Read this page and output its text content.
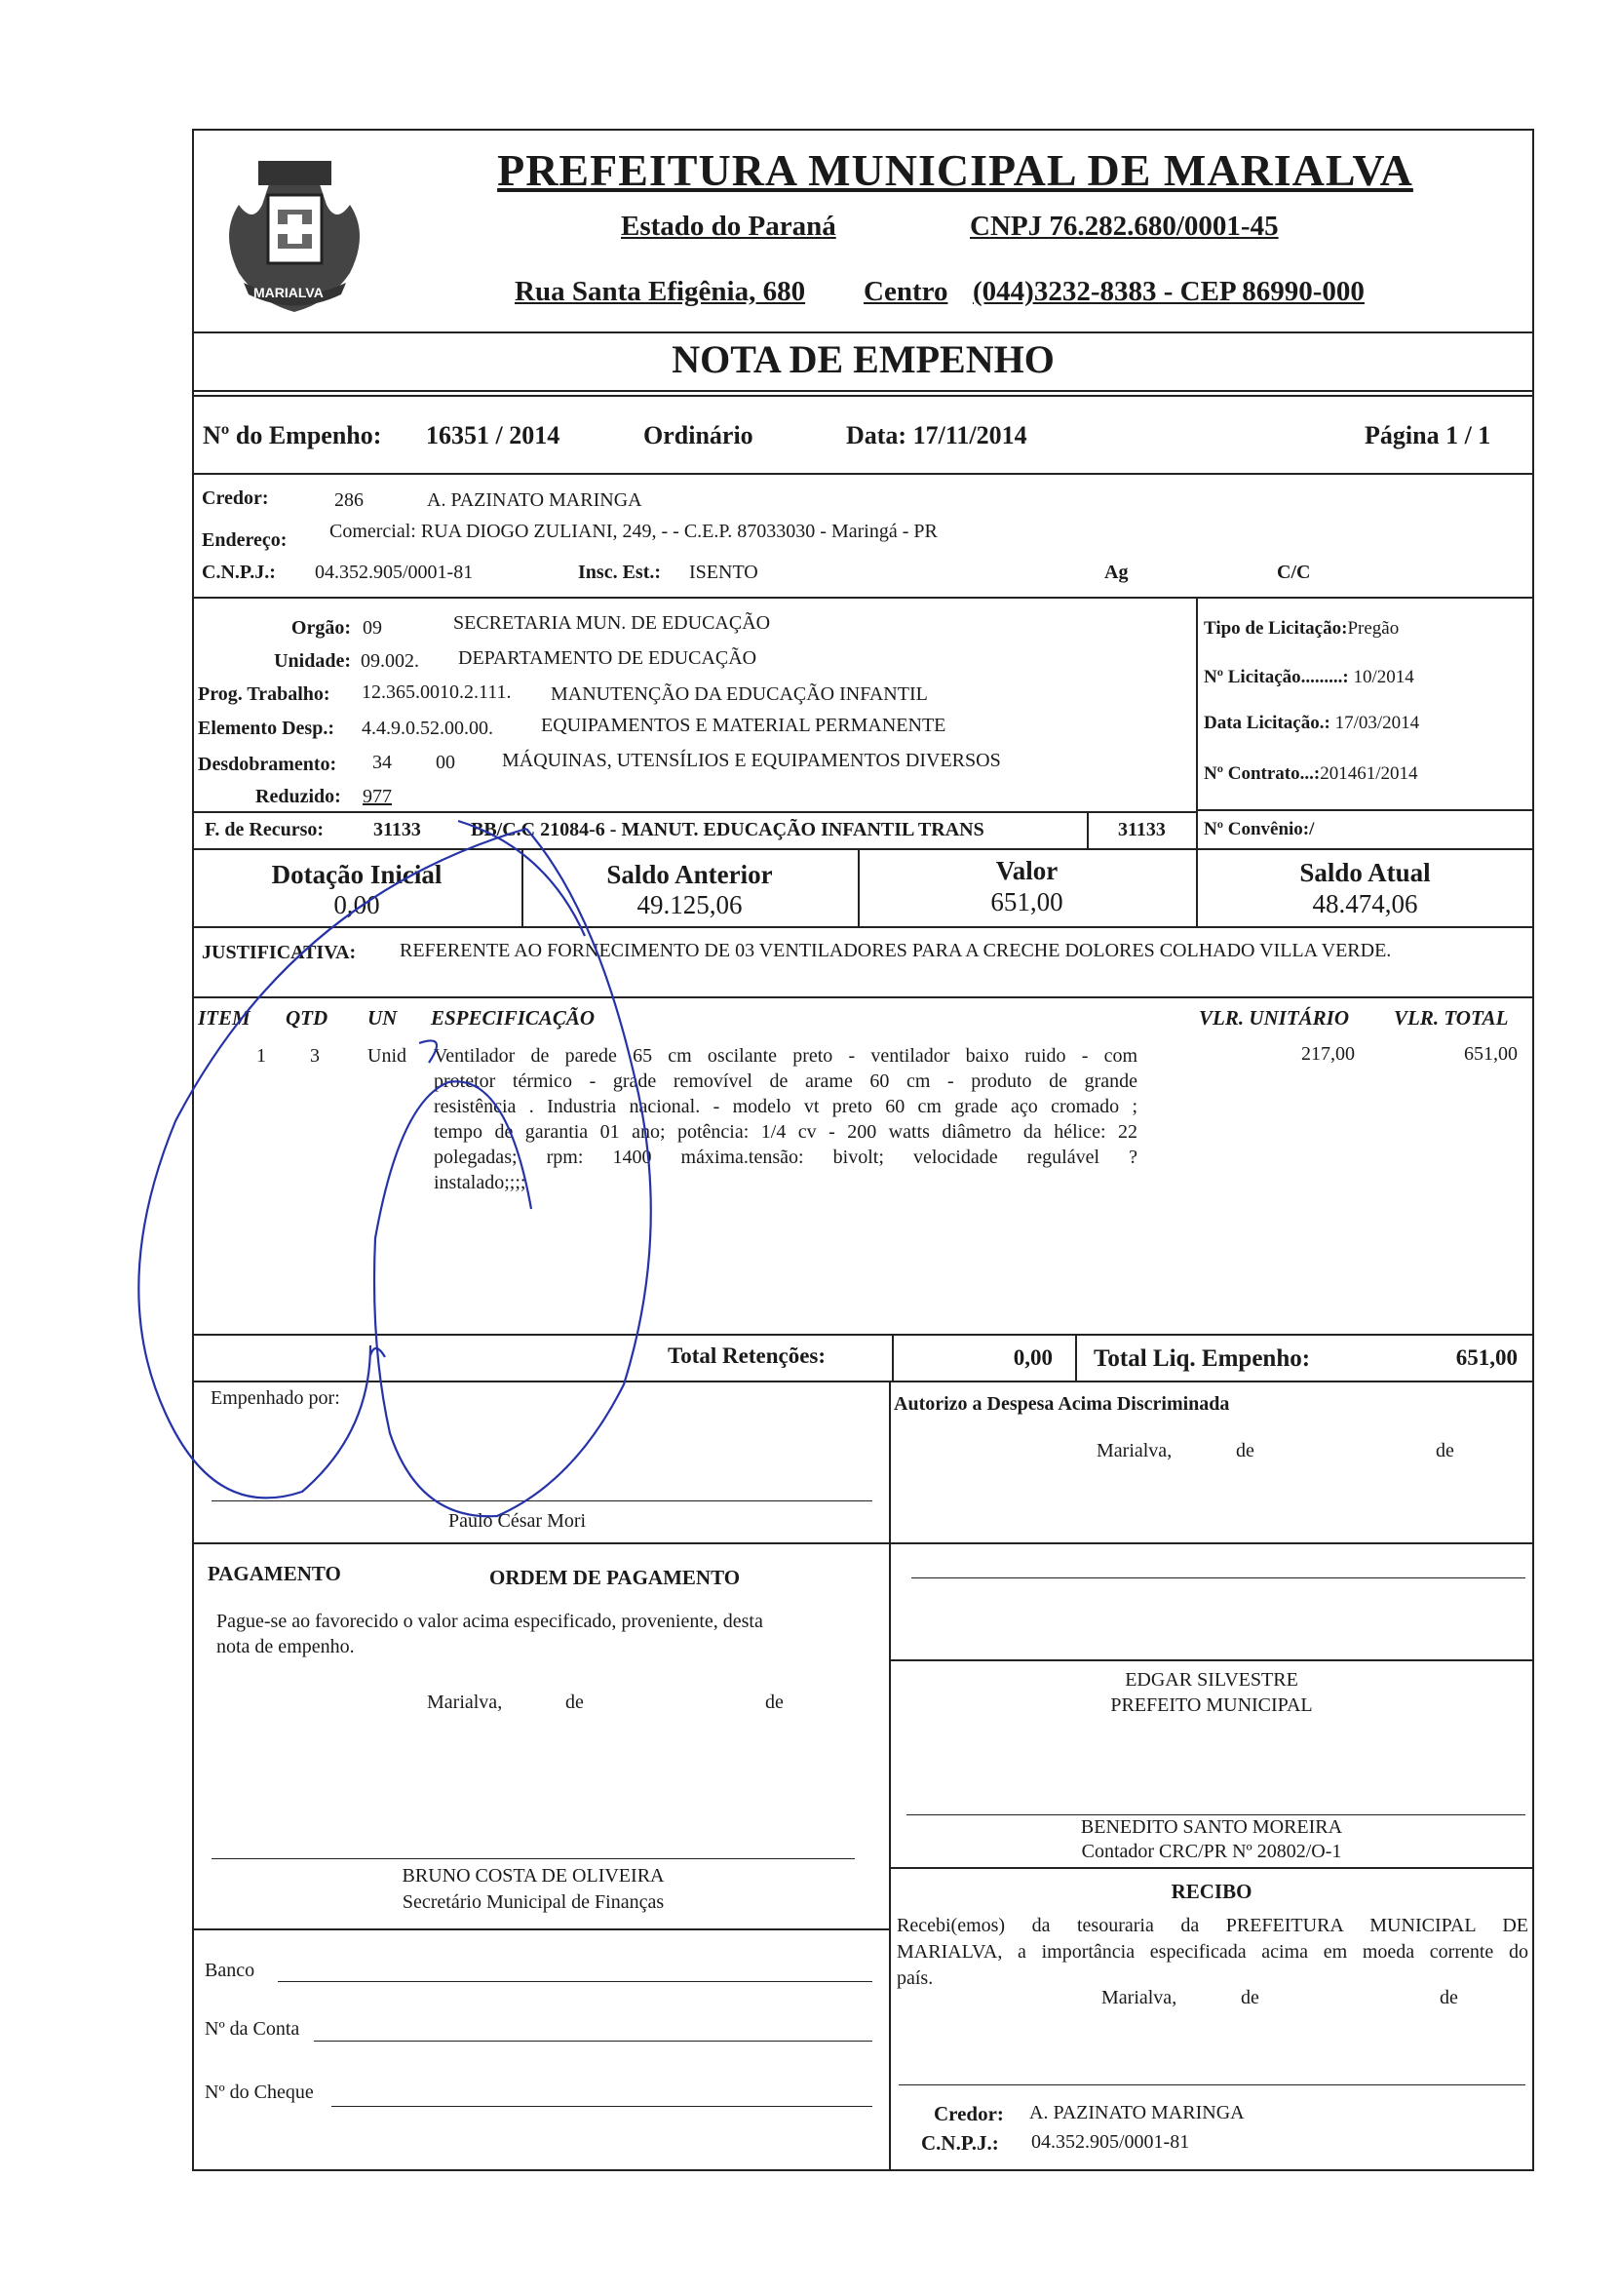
MARIALVA
PREFEITURA MUNICIPAL DE MARIALVA
Estado do Paraná	CNPJ 76.282.680/0001-45
Rua Santa Efigênia, 680 Centro (044)3232-8383 - CEP 86990-000
NOTA DE EMPENHO
Nº do Empenho: 16351 / 2014	Ordinário	Data: 17/11/2014	Página 1 / 1
Credor:	286	A. PAZINATO MARINGA
Endereço: Comercial: RUA DIOGO ZULIANI, 249, - - C.E.P. 87033030 - Maringá - PR
C.N.P.J.: 04.352.905/0001-81	Insc. Est.: ISENTO	Ag	C/C
Orgão: 09	SECRETARIA MUN. DE EDUCAÇÃO
Unidade: 09.002. DEPARTAMENTO DE EDUCAÇÃO
Prog. Trabalho: 12.365.0010.2.111. MANUTENÇÃO DA EDUCAÇÃO INFANTIL
Elemento Desp.: 4.4.9.0.52.00.00. EQUIPAMENTOS E MATERIAL PERMANENTE
Desdobramento: 34 00 MÁQUINAS, UTENSÍLIOS E EQUIPAMENTOS DIVERSOS
Reduzido: 977
F. de Recurso:	31133	BB/C.C 21084-6 - MANUT. EDUCAÇÃO INFANTIL TRANS	31133
Tipo de Licitação:Pregão
Nº Licitação.........: 10/2014
Data Licitação.: 17/03/2014
Nº Contrato...:201461/2014
Nº Convênio:/
Dotação Inicial
0,00
Saldo Anterior
49.125,06
Valor
651,00
Saldo Atual
48.474,06
JUSTIFICATIVA: REFERENTE AO FORNECIMENTO DE 03 VENTILADORES PARA A CRECHE DOLORES COLHADO VILLA VERDE.
ITEM QTD UN ESPECIFICAÇÃO	VLR. UNITÁRIO VLR. TOTAL
1 3 Unid Ventilador de parede 65 cm oscilante preto - ventilador baixo ruido - com
protetor térmico - grade removível de arame 60 cm - produto de grande
resistência . Industria nacional. - modelo vt preto 60 cm grade aço cromado ;
tempo de garantia 01 ano; potência: 1/4 cv - 200 watts diâmetro da hélice: 22
polegadas; rpm: 1400 máxima.tensão: bivolt; velocidade regulável ?
instalado;;;;
217,00	651,00
Total Retenções:	0,00 Total Liq. Empenho:	651,00
Empenhado por:
Paulo César Mori
Autorizo a Despesa Acima Discriminada
Marialva,	de	de
PAGAMENTO	ORDEM DE PAGAMENTO
Pague-se ao favorecido o valor acima especificado, proveniente, desta
nota de empenho.
Marialva,	de	de
BRUNO COSTA DE OLIVEIRA
Secretário Municipal de Finanças
Banco
Nº da Conta
Nº do Cheque
EDGAR SILVESTRE
PREFEITO MUNICIPAL
BENEDITO SANTO MOREIRA
Contador CRC/PR Nº 20802/O-1
RECIBO
Recebi(emos) da tesouraria da PREFEITURA MUNICIPAL DE
MARIALVA, a importância especificada acima em moeda corrente do
país.
Marialva,	de	de
Credor: A. PAZINATO MARINGA
C.N.P.J.: 04.352.905/0001-81
